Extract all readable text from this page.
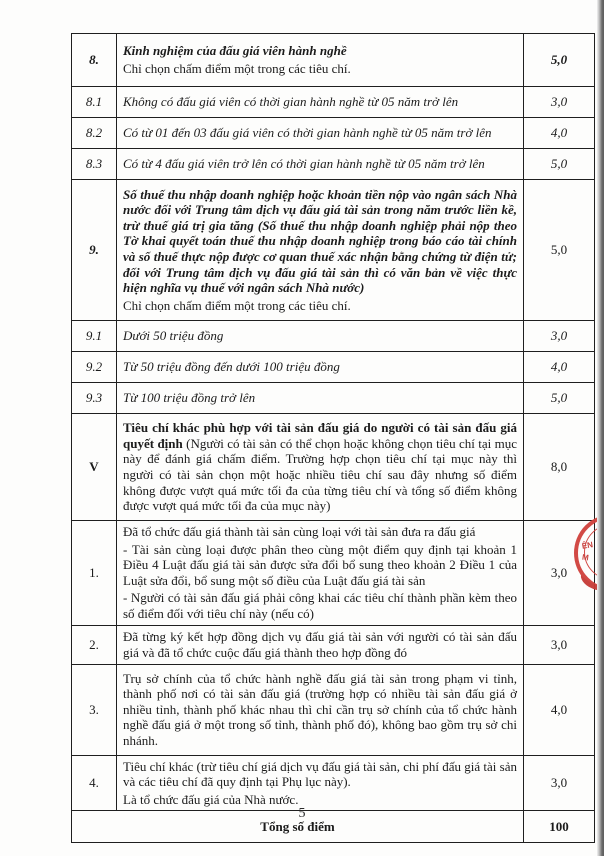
8.	Kinh nghiệm của đấu giá viên hành nghề
Chỉ chọn chấm điểm một trong các tiêu chí.	5,0
8.1	Không có đấu giá viên có thời gian hành nghề từ 05 năm trở lên	3,0
8.2	Có từ 01 đến 03 đấu giá viên có thời gian hành nghề từ 05 năm trở lên	4,0
8.3	Có từ 4 đấu giá viên trở lên có thời gian hành nghề từ 05 năm trở lên	5,0
9.	Số thuế thu nhập doanh nghiệp hoặc khoản tiền nộp vào ngân sách Nhà nước đối với Trung tâm dịch vụ đấu giá tài sản trong năm trước liền kề, trừ thuế giá trị gia tăng (Số thuế thu nhập doanh nghiệp phải nộp theo Tờ khai quyết toán thuế thu nhập doanh nghiệp trong báo cáo tài chính và số thuế thực nộp được cơ quan thuế xác nhận bằng chứng từ điện tử; đối với Trung tâm dịch vụ đấu giá tài sản thì có văn bản về việc thực hiện nghĩa vụ thuế với ngân sách Nhà nước)
Chỉ chọn chấm điểm một trong các tiêu chí.	5,0
9.1	Dưới 50 triệu đồng	3,0
9.2	Từ 50 triệu đồng đến dưới 100 triệu đồng	4,0
9.3	Từ 100 triệu đồng trở lên	5,0
V	Tiêu chí khác phù hợp với tài sản đấu giá do người có tài sản đấu giá quyết định (Người có tài sản có thể chọn hoặc không chọn tiêu chí tại mục này để đánh giá chấm điểm. Trường hợp chọn tiêu chí tại mục này thì người có tài sản chọn một hoặc nhiều tiêu chí sau đây nhưng số điểm không được vượt quá mức tối đa của từng tiêu chí và tổng số điểm không được vượt quá mức tối đa của mục này)	8,0
1.	Đã tổ chức đấu giá thành tài sản cùng loại với tài sản đưa ra đấu giá
- Tài sản cùng loại được phân theo cùng một điểm quy định tại khoản 1 Điều 4 Luật đấu giá tài sản được sửa đổi bổ sung theo khoản 2 Điều 1 của Luật sửa đổi, bổ sung một số điều của Luật đấu giá tài sản
- Người có tài sản đấu giá phải công khai các tiêu chí thành phần kèm theo số điểm đối với tiêu chí này (nếu có)	3,0
2.	Đã từng ký kết hợp đồng dịch vụ đấu giá tài sản với người có tài sản đấu giá và đã tổ chức cuộc đấu giá thành theo hợp đồng đó	3,0
3.	Trụ sở chính của tổ chức hành nghề đấu giá tài sản trong phạm vi tỉnh, thành phố nơi có tài sản đấu giá (trường hợp có nhiều tài sản đấu giá ở nhiều tỉnh, thành phố khác nhau thì chỉ cần trụ sở chính của tổ chức hành nghề đấu giá ở một trong số tỉnh, thành phố đó), không bao gồm trụ sở chi nhánh.	4,0
4.	Tiêu chí khác (trừ tiêu chí giá dịch vụ đấu giá tài sản, chi phí đấu giá tài sản và các tiêu chí đã quy định tại Phụ lục này).
Là tổ chức đấu giá của Nhà nước.	3,0
Tổng số điểm		100
ÊN
M
5
